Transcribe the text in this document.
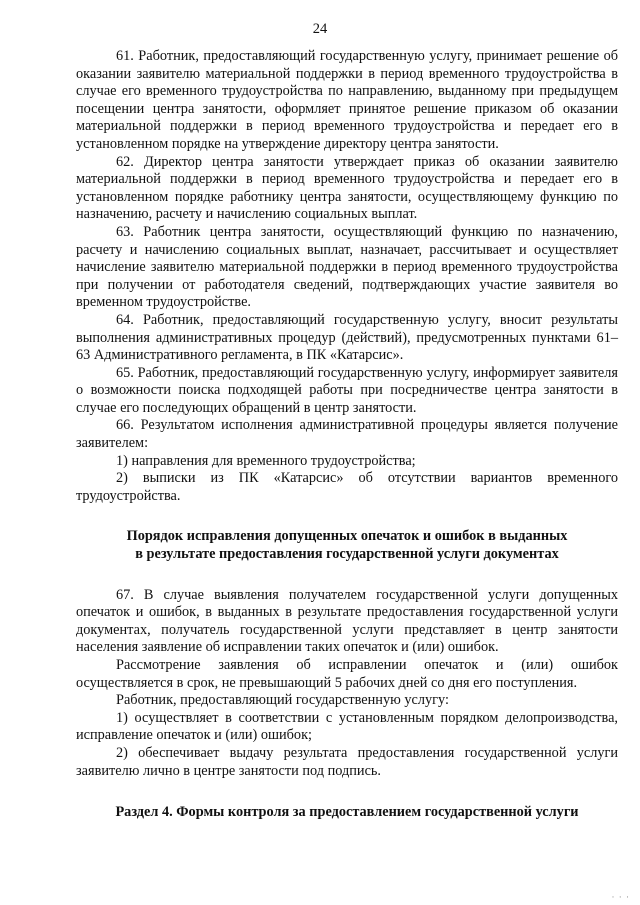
24

61. Работник, предоставляющий государственную услугу, принимает решение об оказании заявителю материальной поддержки в период временного трудоустройства в случае его временного трудоустройства по направлению, выданному при предыдущем посещении центра занятости, оформляет принятое решение приказом об оказании материальной поддержки в период временного трудоустройства и передает его в установленном порядке на утверждение директору центра занятости.

62. Директор центра занятости утверждает приказ об оказании заявителю материальной поддержки в период временного трудоустройства и передает его в установленном порядке работнику центра занятости, осуществляющему функцию по назначению, расчету и начислению социальных выплат.

63. Работник центра занятости, осуществляющий функцию по назначению, расчету и начислению социальных выплат, назначает, рассчитывает и осуществляет начисление заявителю материальной поддержки в период временного трудоустройства при получении от работодателя сведений, подтверждающих участие заявителя во временном трудоустройстве.

64. Работник, предоставляющий государственную услугу, вносит результаты выполнения административных процедур (действий), предусмотренных пунктами 61–63 Административного регламента, в ПК «Катарсис».

65. Работник, предоставляющий государственную услугу, информирует заявителя о возможности поиска подходящей работы при посредничестве центра занятости в случае его последующих обращений в центр занятости.

66. Результатом исполнения административной процедуры является получение заявителем:

1) направления для временного трудоустройства;

2) выписки из ПК «Катарсис» об отсутствии вариантов временного трудоустройства.

Порядок исправления допущенных опечаток и ошибок в выданных
в результате предоставления государственной услуги документах

67. В случае выявления получателем государственной услуги допущенных опечаток и ошибок, в выданных в результате предоставления государственной услуги документах, получатель государственной услуги представляет в центр занятости населения заявление об исправлении таких опечаток и (или) ошибок.

Рассмотрение заявления об исправлении опечаток и (или) ошибок осуществляется в срок, не превышающий 5 рабочих дней со дня его поступления.

Работник, предоставляющий государственную услугу:

1) осуществляет в соответствии с установленным порядком делопроизводства, исправление опечаток и (или) ошибок;

2) обеспечивает выдачу результата предоставления государственной услуги заявителю лично в центре занятости под подпись.

Раздел 4. Формы контроля за предоставлением государственной услуги
· · ·
